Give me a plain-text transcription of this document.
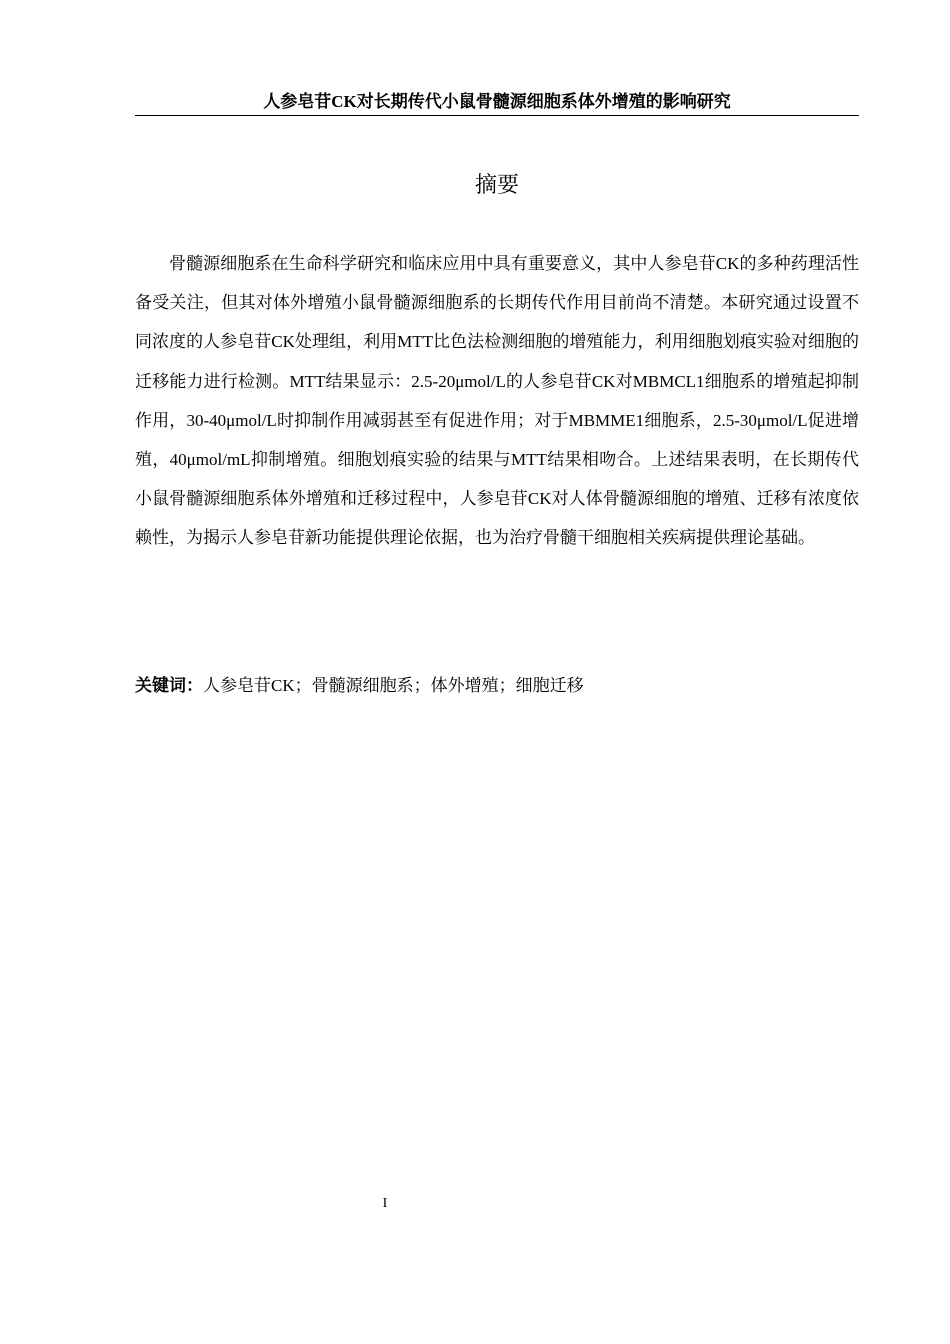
人参皂苷CK对长期传代小鼠骨髓源细胞系体外增殖的影响研究
摘要

骨髓源细胞系在生命科学研究和临床应用中具有重要意义，其中人参皂苷CK的多种药理活性备受关注，但其对体外增殖小鼠骨髓源细胞系的长期传代作用目前尚不清楚。本研究通过设置不同浓度的人参皂苷CK处理组，利用MTT比色法检测细胞的增殖能力，利用细胞划痕实验对细胞的迁移能力进行检测。MTT结果显示：2.5-20μmol/L的人参皂苷CK对MBMCL1细胞系的增殖起抑制作用，30-40μmol/L时抑制作用减弱甚至有促进作用；对于MBMME1细胞系，2.5-30μmol/L促进增殖，40μmol/mL抑制增殖。细胞划痕实验的结果与MTT结果相吻合。上述结果表明，在长期传代小鼠骨髓源细胞系体外增殖和迁移过程中，人参皂苷CK对人体骨髓源细胞的增殖、迁移有浓度依赖性，为揭示人参皂苷新功能提供理论依据，也为治疗骨髓干细胞相关疾病提供理论基础。

关键词：人参皂苷CK；骨髓源细胞系；体外增殖；细胞迁移
I
